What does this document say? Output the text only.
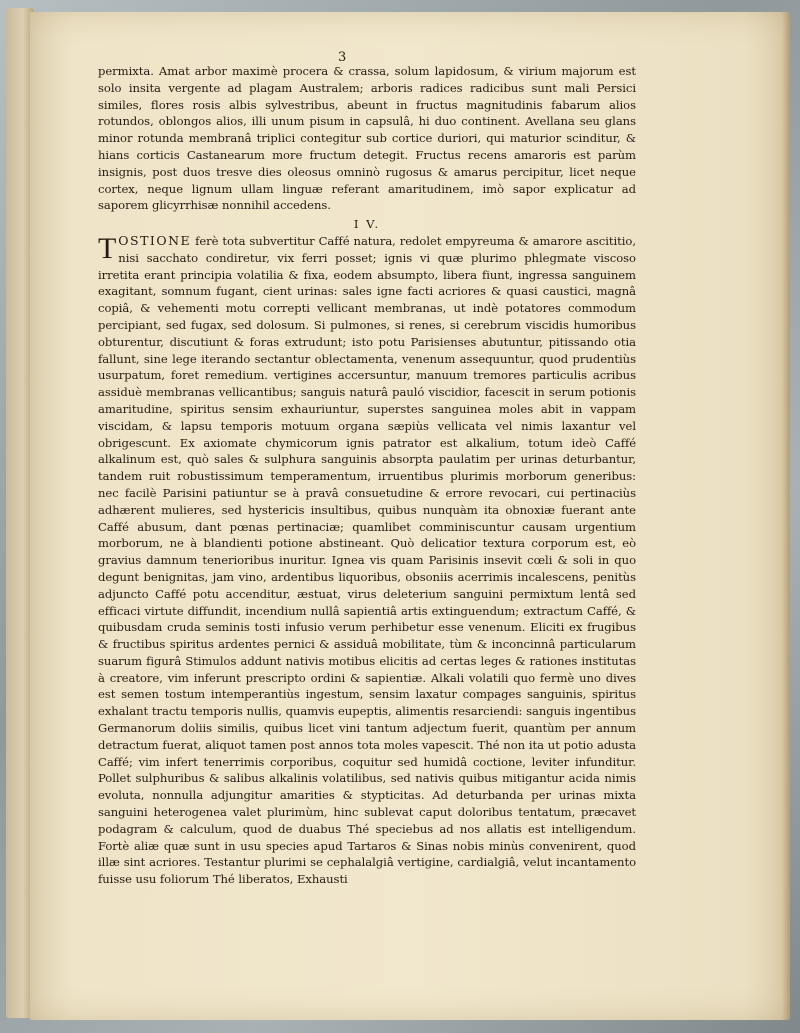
3

permixta. Amat arbor maximè procera & crassa, solum lapidosum, & virium majorum est solo insita vergente ad plagam Australem; arboris radices radicibus sunt mali Persici similes, flores rosis albis sylvestribus, abeunt in fructus magnitudinis fabarum alios rotundos, oblongos alios, illi unum pisum in capsulâ, hi duo continent. Avellana seu glans minor rotunda membranâ triplici contegitur sub cortice duriori, qui maturior scinditur, & hians corticis Castanearum more fructum detegit. Fructus recens amaroris est parùm insignis, post duos tresve dies oleosus omninò rugosus & amarus percipitur, licet neque cortex, neque lignum ullam linguæ referant amaritudinem, imò sapor explicatur ad saporem glicyrrhisæ nonnihil accedens.

I V.

TOSTIONE ferè tota subvertitur Caffé natura, redolet empyreuma & amarore ascititio, nisi sacchato condiretur, vix ferri posset; ignis vi quæ plurimo phlegmate viscoso irretita erant principia volatilia & fixa, eodem absumpto, libera fiunt, ingressa sanguinem exagitant, somnum fugant, cient urinas: sales igne facti acriores & quasi caustici, magnâ copiâ, & vehementi motu correpti vellicant membranas, ut indè potatores commodum percipiant, sed fugax, sed dolosum. Si pulmones, si renes, si cerebrum viscidis humoribus obturentur, discutiunt & foras extrudunt; isto potu Parisienses abutuntur, pitissando otia fallunt, sine lege iterando sectantur oblectamenta, venenum assequuntur, quod prudentiùs usurpatum, foret remedium. vertigines accersuntur, manuum tremores particulis acribus assiduè membranas vellicantibus; sanguis naturâ pauló viscidior, facescit in serum potionis amaritudine, spiritus sensim exhauriuntur, superstes sanguinea moles abit in vappam viscidam, & lapsu temporis motuum organa sæpiùs vellicata vel nimis laxantur vel obrigescunt. Ex axiomate chymicorum ignis patrator est alkalium, totum ideò Caffé alkalinum est, quò sales & sulphura sanguinis absorpta paulatim per urinas deturbantur, tandem ruit robustissimum temperamentum, irruentibus plurimis morborum generibus: nec facilè Parisini patiuntur se à pravâ consuetudine & errore revocari, cui pertinaciùs adhærent mulieres, sed hystericis insultibus, quibus nunquàm ita obnoxiæ fuerant ante Caffé abusum, dant pœnas pertinaciæ; quamlibet comminiscuntur causam urgentium morborum, ne à blandienti potione abstineant. Quò delicatior textura corporum est, eò gravius damnum tenerioribus inuritur. Ignea vis quam Parisinis insevit cœli & soli in quo degunt benignitas, jam vino, ardentibus liquoribus, obsoniis acerrimis incalescens, penitùs adjuncto Caffé potu accenditur, æstuat, virus deleterium sanguini permixtum lentâ sed efficaci virtute diffundit, incendium nullâ sapientiâ artis extinguendum; extractum Caffé, & quibusdam cruda seminis tosti infusio verum perhibetur esse venenum. Eliciti ex frugibus & fructibus spiritus ardentes pernici & assiduâ mobilitate, tùm & inconcinnâ particularum suarum figurâ Stimulos addunt nativis motibus elicitis ad certas leges & rationes institutas à creatore, vim inferunt prescripto ordini & sapientiæ. Alkali volatili quo fermè uno dives est semen tostum intemperantiùs ingestum, sensim laxatur compages sanguinis, spiritus exhalant tractu temporis nullis, quamvis eupeptis, alimentis resarciendi: sanguis ingentibus Germanorum doliis similis, quibus licet vini tantum adjectum fuerit, quantùm per annum detractum fuerat, aliquot tamen post annos tota moles vapescit. Thé non ita ut potio adusta Caffé; vim infert tenerrimis corporibus, coquitur sed humidâ coctione, leviter infunditur. Pollet sulphuribus & salibus alkalinis volatilibus, sed nativis quibus mitigantur acida nimis evoluta, nonnulla adjungitur amarities & stypticitas. Ad deturbanda per urinas mixta sanguini heterogenea valet plurimùm, hinc sublevat caput doloribus tentatum, præcavet podagram & calculum, quod de duabus Thé speciebus ad nos allatis est intelligendum. Fortè aliæ quæ sunt in usu species apud Tartaros & Sinas nobis minùs convenirent, quod illæ sint acriores. Testantur plurimi se cephalalgiâ vertigine, cardialgiâ, velut incantamento fuisse usu foliorum Thé liberatos, Exhausti
